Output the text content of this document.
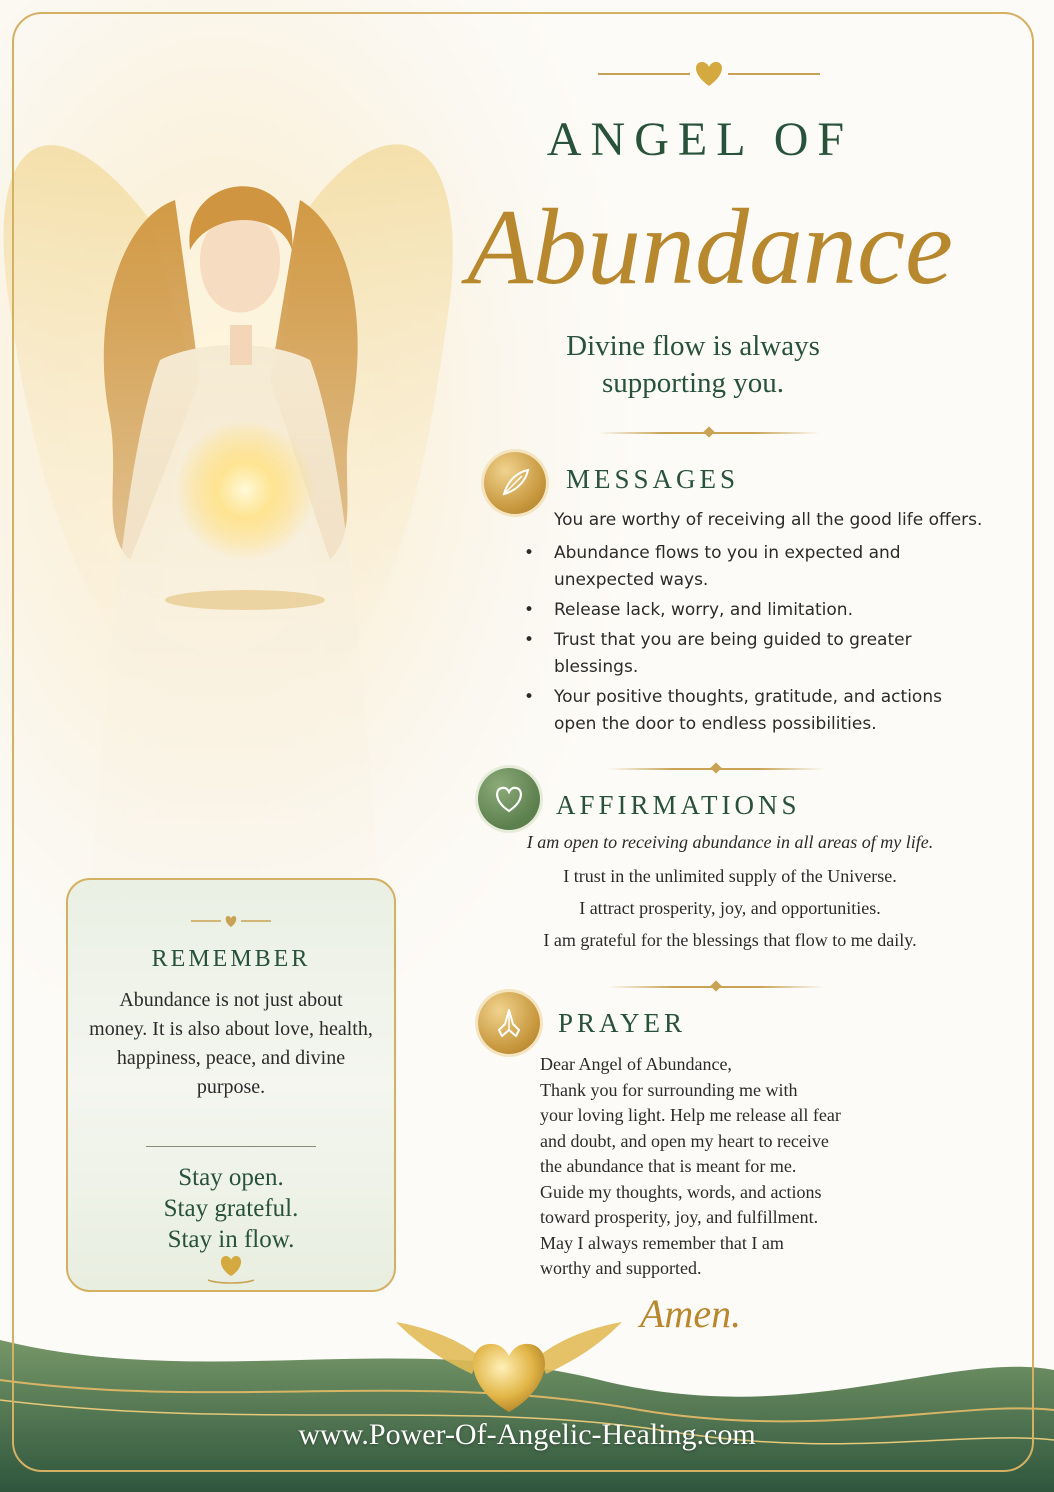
ANGEL OF
Abundance
Divine flow is always
supporting you.
MESSAGES
You are worthy of receiving all the good life offers.
• Abundance flows to you in expected and unexpected ways.
• Release lack, worry, and limitation.
• Trust that you are being guided to greater blessings.
• Your positive thoughts, gratitude, and actions open the door to endless possibilities.
AFFIRMATIONS
I am open to receiving abundance in all areas of my life.
I trust in the unlimited supply of the Universe.
I attract prosperity, joy, and opportunities.
I am grateful for the blessings that flow to me daily.
PRAYER
Dear Angel of Abundance,
Thank you for surrounding me with
your loving light. Help me release all fear
and doubt, and open my heart to receive
the abundance that is meant for me.
Guide my thoughts, words, and actions
toward prosperity, joy, and fulfillment.
May I always remember that I am
worthy and supported.
Amen.
REMEMBER
Abundance is not just about money. It is also about love, health, happiness, peace, and divine purpose.
Stay open.
Stay grateful.
Stay in flow.
www.Power-Of-Angelic-Healing.com
